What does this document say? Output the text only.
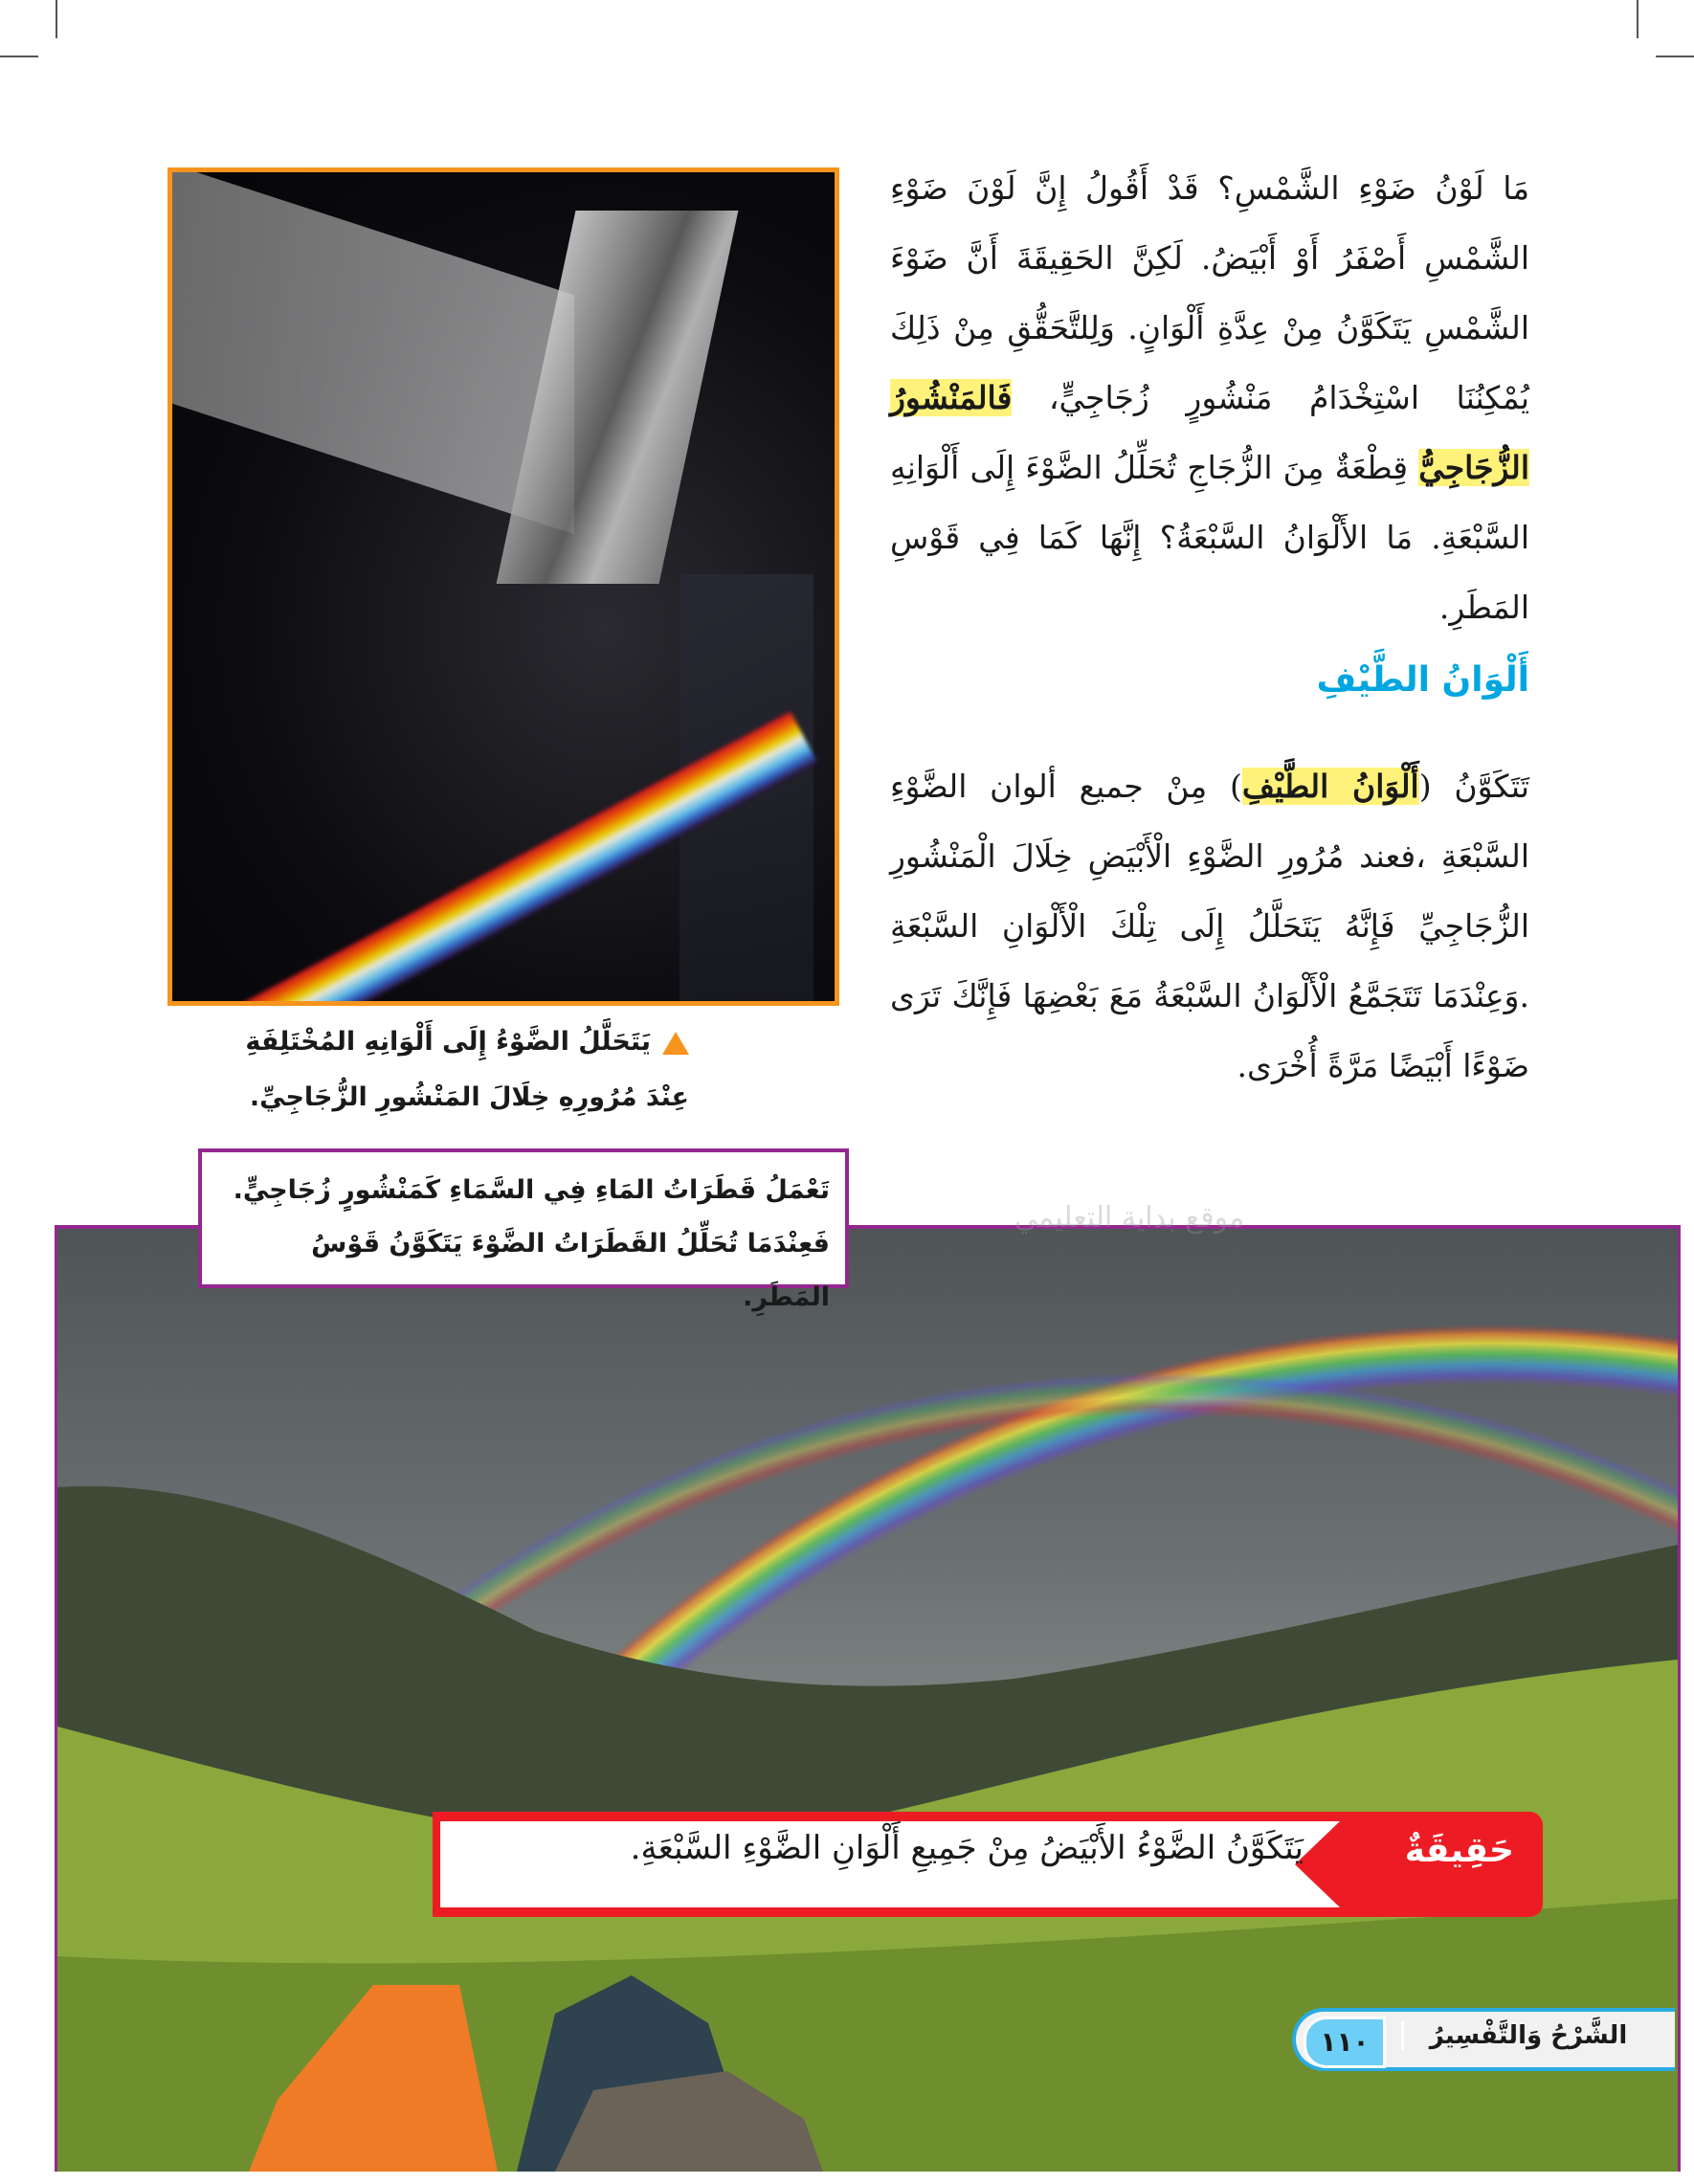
مَا لَوْنُ ضَوْءِ الشَّمْسِ؟ قَدْ أَقُولُ إِنَّ لَوْنَ ضَوْءِ الشَّمْسِ أَصْفَرُ أَوْ أَبْيَضُ. لَكِنَّ الحَقِيقَةَ أَنَّ ضَوْءَ الشَّمْسِ يَتَكَوَّنُ مِنْ عِدَّةِ أَلْوَانٍ. وَلِلتَّحَقُّقِ مِنْ ذَلِكَ يُمْكِنُنَا اسْتِخْدَامُ مَنْشُورٍ زُجَاجِيٍّ، فَالمَنْشُورُ الزُّجَاجِيُّ قِطْعَةٌ مِنَ الزُّجَاجِ تُحَلِّلُ الضَّوْءَ إِلَى أَلْوَانِهِ السَّبْعَةِ. مَا الأَلْوَانُ السَّبْعَةُ؟ إِنَّهَا كَمَا فِي قَوْسِ المَطَرِ.
أَلْوَانُ الطَّيْفِ
تَتَكَوَّنُ (أَلْوَانُ الطَّيْفِ) مِنْ جميع ألوان الضَّوْءِ السَّبْعَةِ ،فعند مُرُورِ الضَّوْءِ الْأَبْيَضِ خِلَالَ الْمَنْشُورِ الزُّجَاجِيِّ فَإِنَّهُ يَتَحَلَّلُ إِلَى تِلْكَ الْأَلْوَانِ السَّبْعَةِ .وَعِنْدَمَا تَتَجَمَّعُ الْأَلْوَانُ السَّبْعَةُ مَعَ بَعْضِهَا فَإِنَّكَ تَرَى ضَوْءًا أَبْيَضًا مَرَّةً أُخْرَى.
يَتَحَلَّلُ الضَّوْءُ إِلَى أَلْوَانِهِ المُخْتَلِفَةِ عِنْدَ مُرُورِهِ خِلَالَ المَنْشُورِ الزُّجَاجِيِّ.
تَعْمَلُ قَطَرَاتُ المَاءِ فِي السَّمَاءِ كَمَنْشُورٍ زُجَاجِيٍّ.
فَعِنْدَمَا تُحَلِّلُ القَطَرَاتُ الضَّوْءَ يَتَكَوَّنُ قَوْسُ المَطَرِ.
موقع بداية التعليمي
يَتَكَوَّنُ الضَّوْءُ الأَبْيَضُ مِنْ جَمِيعِ أَلْوَانِ الضَّوْءِ السَّبْعَةِ.	حَقِيقَةٌ
١١٠	الشَّرْحُ وَالتَّفْسِيرُ
